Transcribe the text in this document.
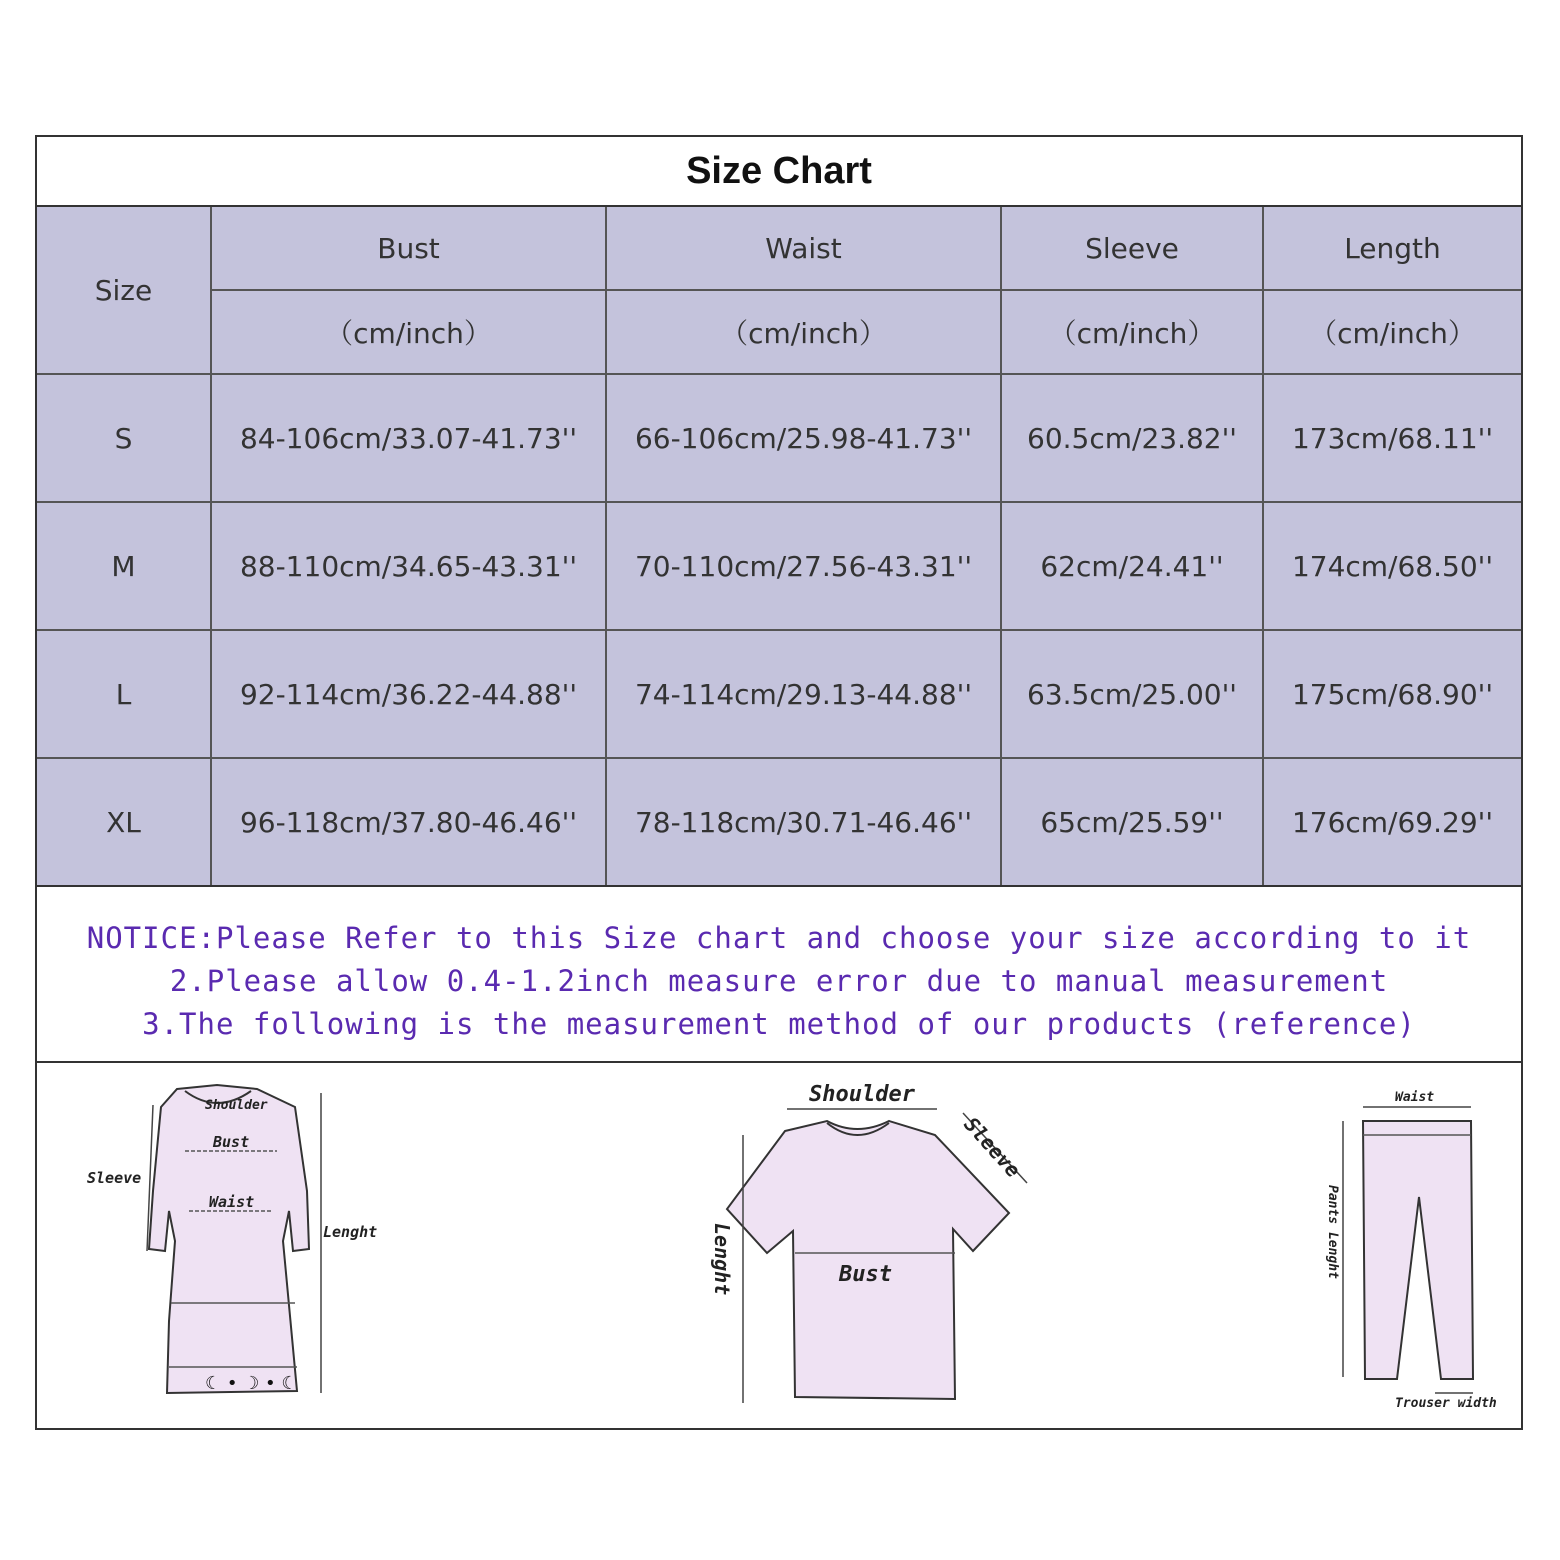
Size Chart
Size	Bust	Waist	Sleeve	Length
	（cm/inch）	（cm/inch）	（cm/inch）	（cm/inch）
S	84-106cm/33.07-41.73''	66-106cm/25.98-41.73''	60.5cm/23.82''	173cm/68.11''
M	88-110cm/34.65-43.31''	70-110cm/27.56-43.31''	62cm/24.41''	174cm/68.50''
L	92-114cm/36.22-44.88''	74-114cm/29.13-44.88''	63.5cm/25.00''	175cm/68.90''
XL	96-118cm/37.80-46.46''	78-118cm/30.71-46.46''	65cm/25.59''	176cm/69.29''
NOTICE:Please Refer to this Size chart and choose your size according to it
2.Please allow 0.4-1.2inch measure error due to manual measurement
3.The following is the measurement method of our products (reference)
☾ • ☽ • ☾
Shoulder
Bust
Waist
Sleeve
Lenght
Shoulder
Sleeve
Lenght	Bust
Waist
Pants Lenght
Trouser width
